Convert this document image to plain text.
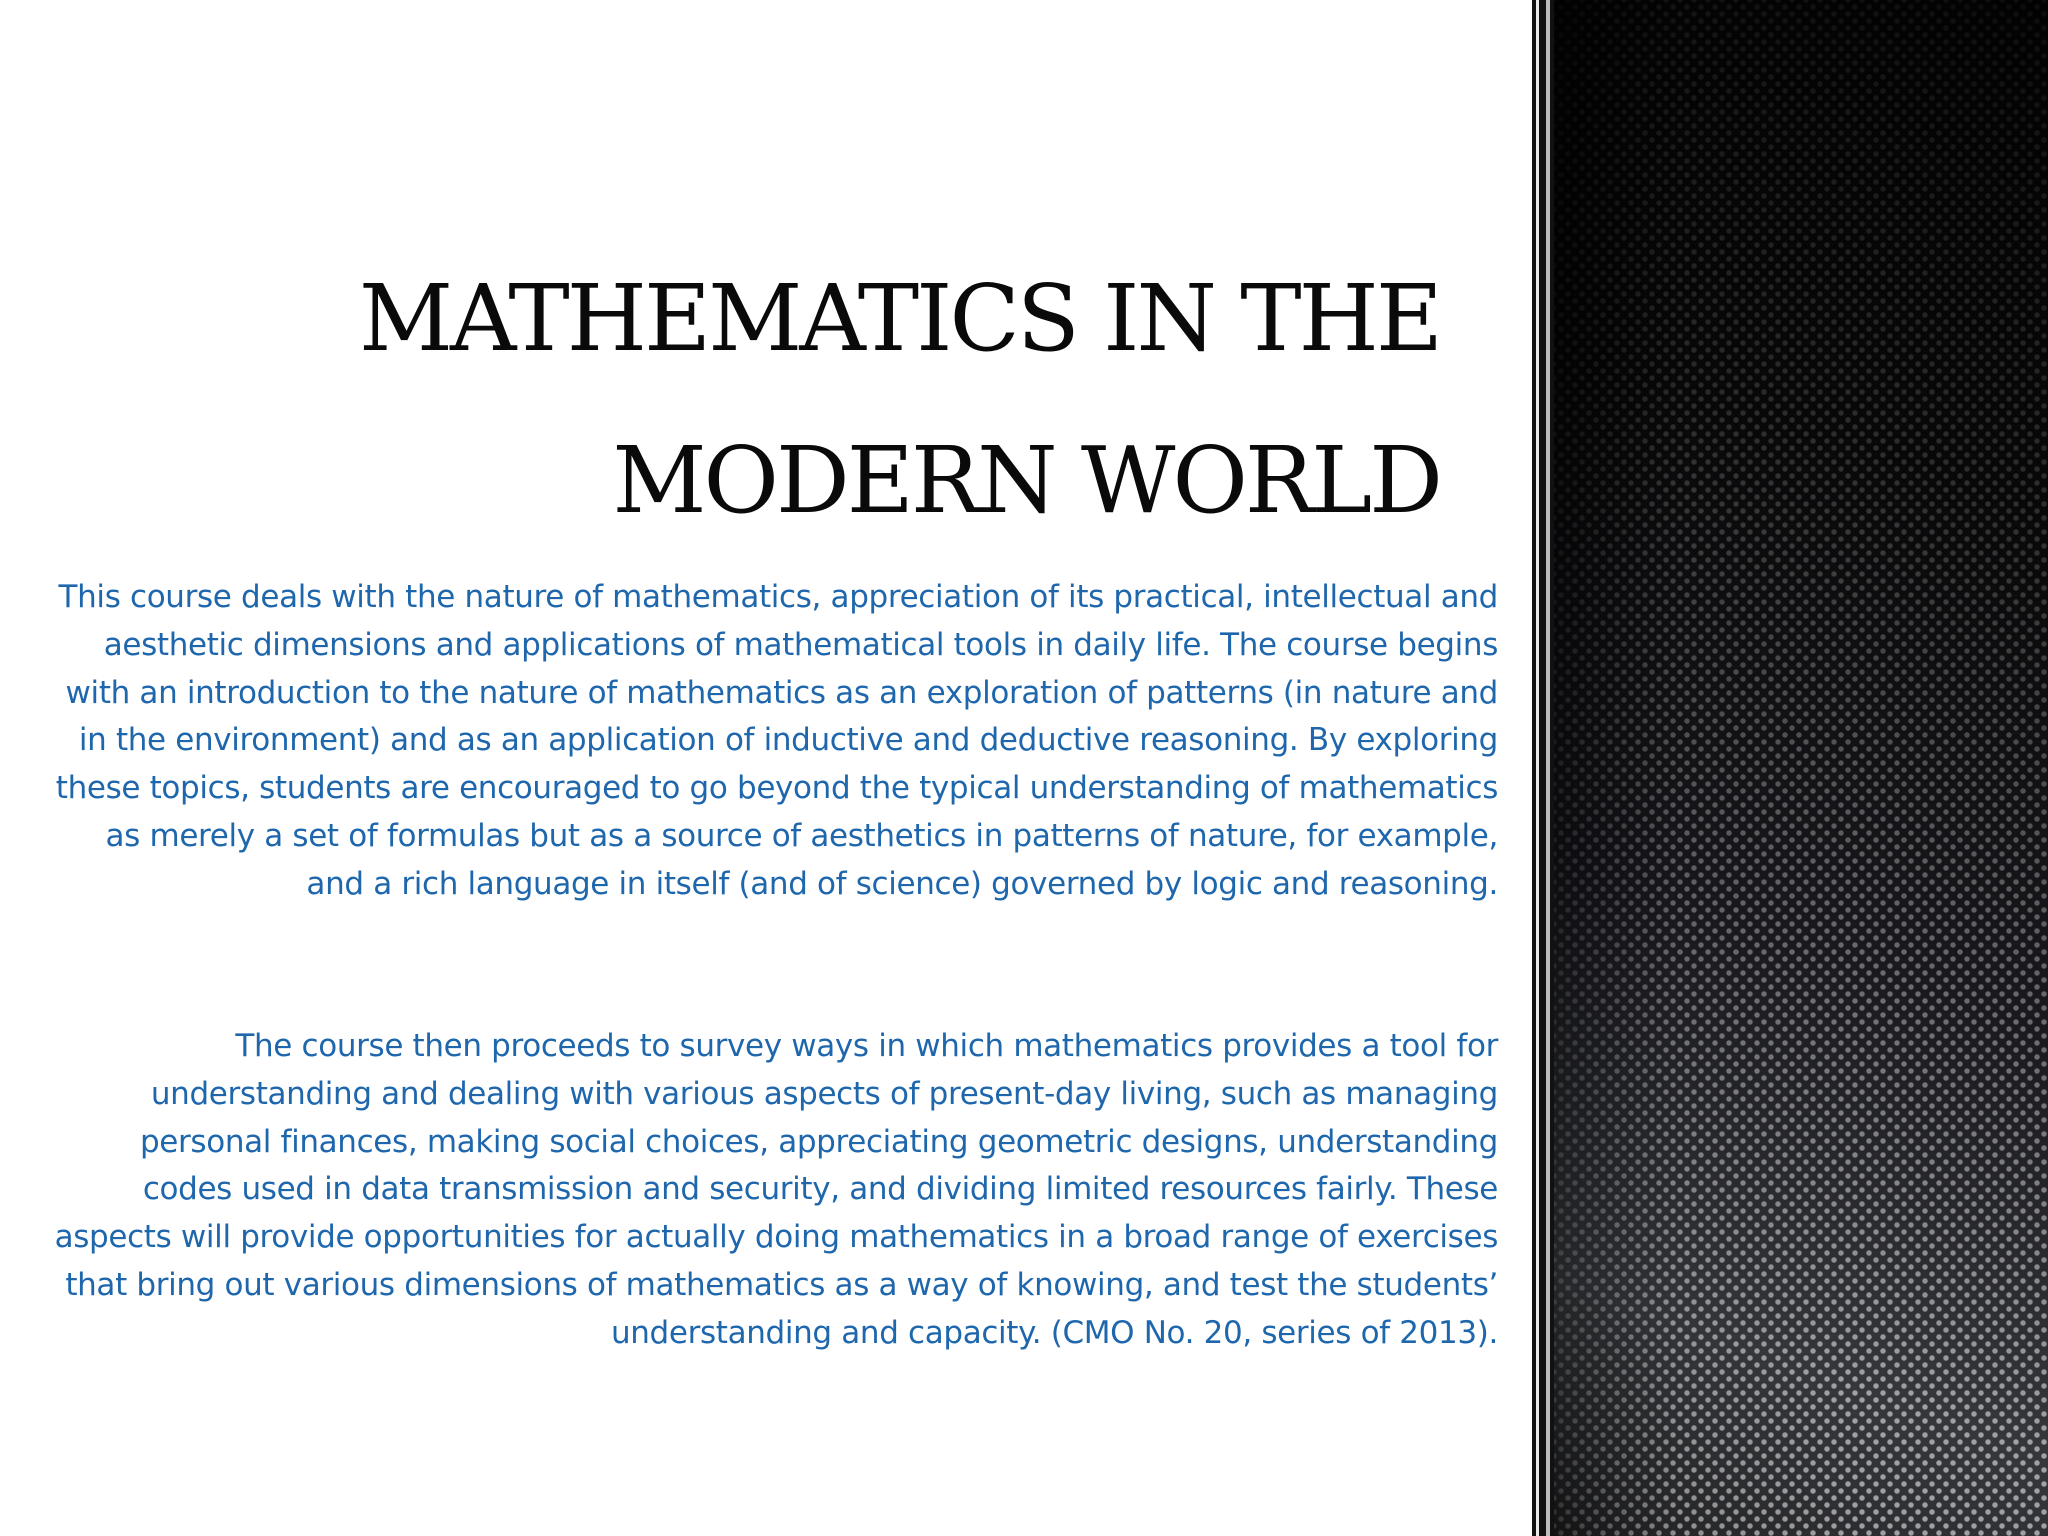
MATHEMATICS IN THE MODERN WORLD

This course deals with the nature of mathematics, appreciation of its practical, intellectual and aesthetic dimensions and applications of mathematical tools in daily life. The course begins with an introduction to the nature of mathematics as an exploration of patterns (in nature and in the environment) and as an application of inductive and deductive reasoning. By exploring these topics, students are encouraged to go beyond the typical understanding of mathematics as merely a set of formulas but as a source of aesthetics in patterns of nature, for example, and a rich language in itself (and of science) governed by logic and reasoning.

The course then proceeds to survey ways in which mathematics provides a tool for understanding and dealing with various aspects of present-day living, such as managing personal finances, making social choices, appreciating geometric designs, understanding codes used in data transmission and security, and dividing limited resources fairly. These aspects will provide opportunities for actually doing mathematics in a broad range of exercises that bring out various dimensions of mathematics as a way of knowing, and test the students’ understanding and capacity. (CMO No. 20, series of 2013).
